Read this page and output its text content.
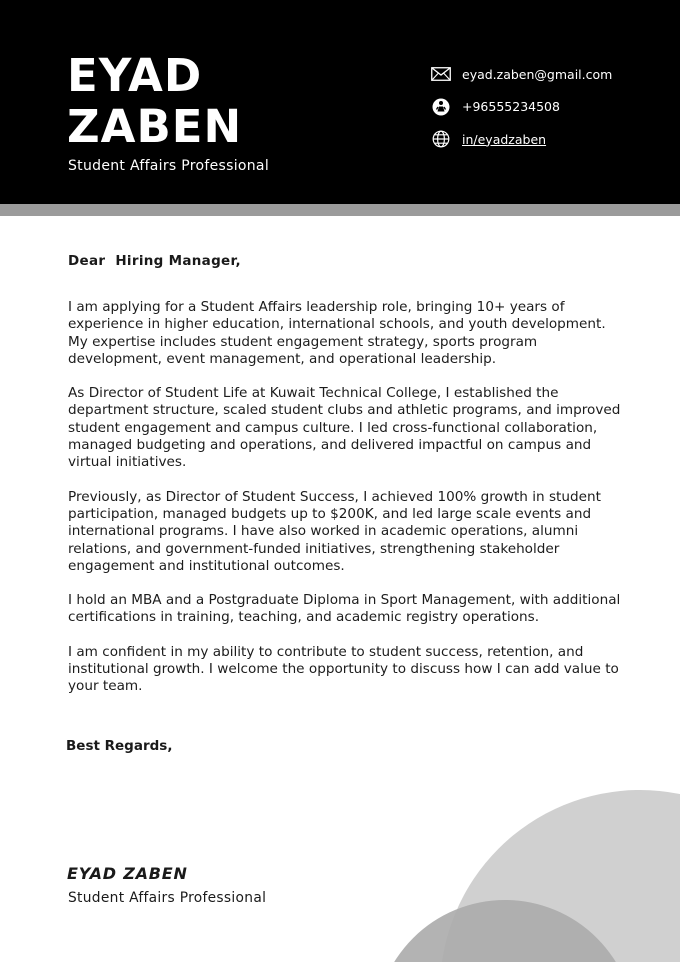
EYAD
ZABEN
Student Affairs Professional
eyad.zaben@gmail.com
+96555234508
in/eyadzaben
Dear  Hiring Manager,

I am applying for a Student Affairs leadership role, bringing 10+ years of experience in higher education, international schools, and youth development. My expertise includes student engagement strategy, sports program development, event management, and operational leadership.

As Director of Student Life at Kuwait Technical College, I established the department structure, scaled student clubs and athletic programs, and improved student engagement and campus culture. I led cross-functional collaboration, managed budgeting and operations, and delivered impactful on campus and virtual initiatives.

Previously, as Director of Student Success, I achieved 100% growth in student participation, managed budgets up to $200K, and led large scale events and international programs. I have also worked in academic operations, alumni relations, and government-funded initiatives, strengthening stakeholder engagement and institutional outcomes.

I hold an MBA and a Postgraduate Diploma in Sport Management, with additional certifications in training, teaching, and academic registry operations.

I am confident in my ability to contribute to student success, retention, and institutional growth. I welcome the opportunity to discuss how I can add value to your team.

Best Regards,
EYAD ZABEN
Student Affairs Professional
